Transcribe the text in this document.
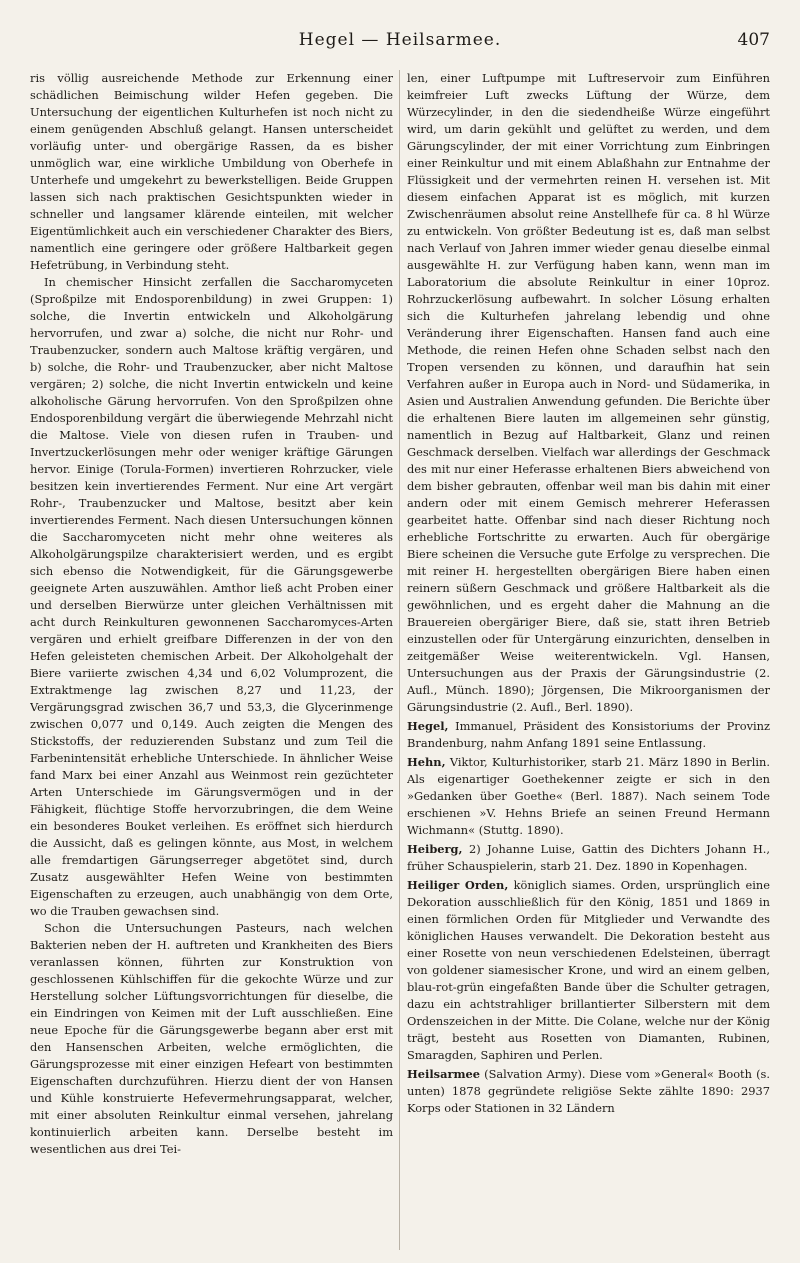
Hegel — Heilsarmee.	407

ris völlig ausreichende Methode zur Erkennung einer schädlichen Beimischung wilder Hefen gegeben. Die Untersuchung der eigentlichen Kulturhefen ist noch nicht zu einem genügenden Abschluß gelangt. Hansen unterscheidet vorläufig unter- und obergärige Rassen, da es bisher unmöglich war, eine wirkliche Umbildung von Oberhefe in Unterhefe und umgekehrt zu bewerkstelligen. Beide Gruppen lassen sich nach praktischen Gesichtspunkten wieder in schneller und langsamer klärende einteilen, mit welcher Eigentümlichkeit auch ein verschiedener Charakter des Biers, namentlich eine geringere oder größere Haltbarkeit gegen Hefetrübung, in Verbindung steht.

In chemischer Hinsicht zerfallen die Saccharomyceten (Sproßpilze mit Endosporenbildung) in zwei Gruppen: 1) solche, die Invertin entwickeln und Alkoholgärung hervorrufen, und zwar a) solche, die nicht nur Rohr- und Traubenzucker, sondern auch Maltose kräftig vergären, und b) solche, die Rohr- und Traubenzucker, aber nicht Maltose vergären; 2) solche, die nicht Invertin entwickeln und keine alkoholische Gärung hervorrufen. Von den Sproßpilzen ohne Endosporenbildung vergärt die überwiegende Mehrzahl nicht die Maltose. Viele von diesen rufen in Trauben- und Invertzuckerlösungen mehr oder weniger kräftige Gärungen hervor. Einige (Torula-Formen) invertieren Rohrzucker, viele besitzen kein invertierendes Ferment. Nur eine Art vergärt Rohr-, Traubenzucker und Maltose, besitzt aber kein invertierendes Ferment. Nach diesen Untersuchungen können die Saccharomyceten nicht mehr ohne weiteres als Alkoholgärungspilze charakterisiert werden, und es ergibt sich ebenso die Notwendigkeit, für die Gärungsgewerbe geeignete Arten auszuwählen. Amthor ließ acht Proben einer und derselben Bierwürze unter gleichen Verhältnissen mit acht durch Reinkulturen gewonnenen Saccharomyces-Arten vergären und erhielt greifbare Differenzen in der von den Hefen geleisteten chemischen Arbeit. Der Alkoholgehalt der Biere variierte zwischen 4,34 und 6,02 Volumprozent, die Extraktmenge lag zwischen 8,27 und 11,23, der Vergärungsgrad zwischen 36,7 und 53,3, die Glycerinmenge zwischen 0,077 und 0,149. Auch zeigten die Mengen des Stickstoffs, der reduzierenden Substanz und zum Teil die Farbenintensität erhebliche Unterschiede. In ähnlicher Weise fand Marx bei einer Anzahl aus Weinmost rein gezüchteter Arten Unterschiede im Gärungsvermögen und in der Fähigkeit, flüchtige Stoffe hervorzubringen, die dem Weine ein besonderes Bouket verleihen. Es eröffnet sich hierdurch die Aussicht, daß es gelingen könnte, aus Most, in welchem alle fremdartigen Gärungserreger abgetötet sind, durch Zusatz ausgewählter Hefen Weine von bestimmten Eigenschaften zu erzeugen, auch unabhängig von dem Orte, wo die Trauben gewachsen sind.

Schon die Untersuchungen Pasteurs, nach welchen Bakterien neben der H. auftreten und Krankheiten des Biers veranlassen können, führten zur Konstruktion von geschlossenen Kühlschiffen für die gekochte Würze und zur Herstellung solcher Lüftungsvorrichtungen für dieselbe, die ein Eindringen von Keimen mit der Luft ausschließen. Eine neue Epoche für die Gärungsgewerbe begann aber erst mit den Hansenschen Arbeiten, welche ermöglichten, die Gärungsprozesse mit einer einzigen Hefeart von bestimmten Eigenschaften durchzuführen. Hierzu dient der von Hansen und Kühle konstruierte Hefevermehrungsapparat, welcher, mit einer absoluten Reinkultur einmal versehen, jahrelang kontinuierlich arbeiten kann. Derselbe besteht im wesentlichen aus drei Tei-

len, einer Luftpumpe mit Luftreservoir zum Einführen keimfreier Luft zwecks Lüftung der Würze, dem Würzecylinder, in den die siedendheiße Würze eingeführt wird, um darin gekühlt und gelüftet zu werden, und dem Gärungscylinder, der mit einer Vorrichtung zum Einbringen einer Reinkultur und mit einem Ablaßhahn zur Entnahme der Flüssigkeit und der vermehrten reinen H. versehen ist. Mit diesem einfachen Apparat ist es möglich, mit kurzen Zwischenräumen absolut reine Anstellhefe für ca. 8 hl Würze zu entwickeln. Von größter Bedeutung ist es, daß man selbst nach Verlauf von Jahren immer wieder genau dieselbe einmal ausgewählte H. zur Verfügung haben kann, wenn man im Laboratorium die absolute Reinkultur in einer 10proz. Rohrzuckerlösung aufbewahrt. In solcher Lösung erhalten sich die Kulturhefen jahrelang lebendig und ohne Veränderung ihrer Eigenschaften. Hansen fand auch eine Methode, die reinen Hefen ohne Schaden selbst nach den Tropen versenden zu können, und daraufhin hat sein Verfahren außer in Europa auch in Nord- und Südamerika, in Asien und Australien Anwendung gefunden. Die Berichte über die erhaltenen Biere lauten im allgemeinen sehr günstig, namentlich in Bezug auf Haltbarkeit, Glanz und reinen Geschmack derselben. Vielfach war allerdings der Geschmack des mit nur einer Heferasse erhaltenen Biers abweichend von dem bisher gebrauten, offenbar weil man bis dahin mit einer andern oder mit einem Gemisch mehrerer Heferassen gearbeitet hatte. Offenbar sind nach dieser Richtung noch erhebliche Fortschritte zu erwarten. Auch für obergärige Biere scheinen die Versuche gute Erfolge zu versprechen. Die mit reiner H. hergestellten obergärigen Biere haben einen reinern süßern Geschmack und größere Haltbarkeit als die gewöhnlichen, und es ergeht daher die Mahnung an die Brauereien obergäriger Biere, daß sie, statt ihren Betrieb einzustellen oder für Untergärung einzurichten, denselben in zeitgemäßer Weise weiterentwickeln. Vgl. Hansen, Untersuchungen aus der Praxis der Gärungsindustrie (2. Aufl., Münch. 1890); Jörgensen, Die Mikroorganismen der Gärungsindustrie (2. Aufl., Berl. 1890).

Hegel, Immanuel, Präsident des Konsistoriums der Provinz Brandenburg, nahm Anfang 1891 seine Entlassung.

Hehn, Viktor, Kulturhistoriker, starb 21. März 1890 in Berlin. Als eigenartiger Goethekenner zeigte er sich in den »Gedanken über Goethe« (Berl. 1887). Nach seinem Tode erschienen »V. Hehns Briefe an seinen Freund Hermann Wichmann« (Stuttg. 1890).

Heiberg, 2) Johanne Luise, Gattin des Dichters Johann H., früher Schauspielerin, starb 21. Dez. 1890 in Kopenhagen.

Heiliger Orden, königlich siames. Orden, ursprünglich eine Dekoration ausschließlich für den König, 1851 und 1869 in einen förmlichen Orden für Mitglieder und Verwandte des königlichen Hauses verwandelt. Die Dekoration besteht aus einer Rosette von neun verschiedenen Edelsteinen, überragt von goldener siamesischer Krone, und wird an einem gelben, blau-rot-grün eingefaßten Bande über die Schulter getragen, dazu ein achtstrahliger brillantierter Silberstern mit dem Ordenszeichen in der Mitte. Die Colane, welche nur der König trägt, besteht aus Rosetten von Diamanten, Rubinen, Smaragden, Saphiren und Perlen.

Heilsarmee (Salvation Army). Diese vom »General« Booth (s. unten) 1878 gegründete religiöse Sekte zählte 1890: 2937 Korps oder Stationen in 32 Ländern
